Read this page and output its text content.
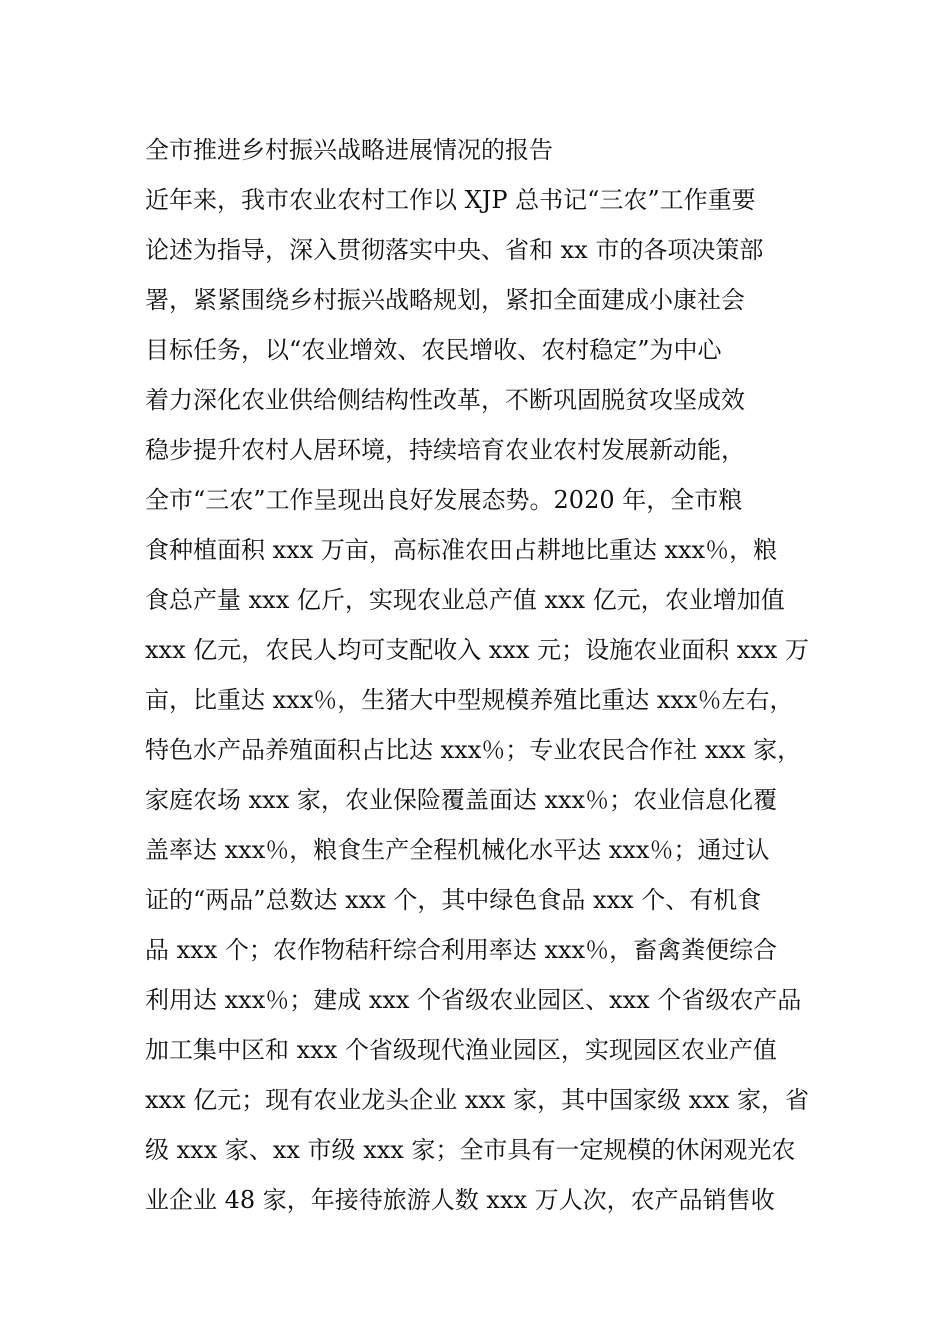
全市推进乡村振兴战略进展情况的报告
近年来，我市农业农村工作以 XJP 总书记“三农”工作重要
论述为指导，深入贯彻落实中央、省和 xx 市的各项决策部
署，紧紧围绕乡村振兴战略规划，紧扣全面建成小康社会
目标任务，以“农业增效、农民增收、农村稳定”为中心
着力深化农业供给侧结构性改革，不断巩固脱贫攻坚成效
稳步提升农村人居环境，持续培育农业农村发展新动能，
全市“三农”工作呈现出良好发展态势。2020 年，全市粮
食种植面积 xxx 万亩，高标准农田占耕地比重达 xxx％，粮
食总产量 xxx 亿斤，实现农业总产值 xxx 亿元，农业增加值
xxx 亿元，农民人均可支配收入 xxx 元；设施农业面积 xxx 万
亩，比重达 xxx％，生猪大中型规模养殖比重达 xxx％左右，
特色水产品养殖面积占比达 xxx％；专业农民合作社 xxx 家，
家庭农场 xxx 家，农业保险覆盖面达 xxx％；农业信息化覆
盖率达 xxx％，粮食生产全程机械化水平达 xxx％；通过认
证的“两品”总数达 xxx 个，其中绿色食品 xxx 个、有机食
品 xxx 个；农作物秸秆综合利用率达 xxx％，畜禽粪便综合
利用达 xxx％；建成 xxx 个省级农业园区、xxx 个省级农产品
加工集中区和 xxx 个省级现代渔业园区，实现园区农业产值
xxx 亿元；现有农业龙头企业 xxx 家，其中国家级 xxx 家，省
级 xxx 家、xx 市级 xxx 家；全市具有一定规模的休闲观光农
业企业 48 家，年接待旅游人数 xxx 万人次，农产品销售收
